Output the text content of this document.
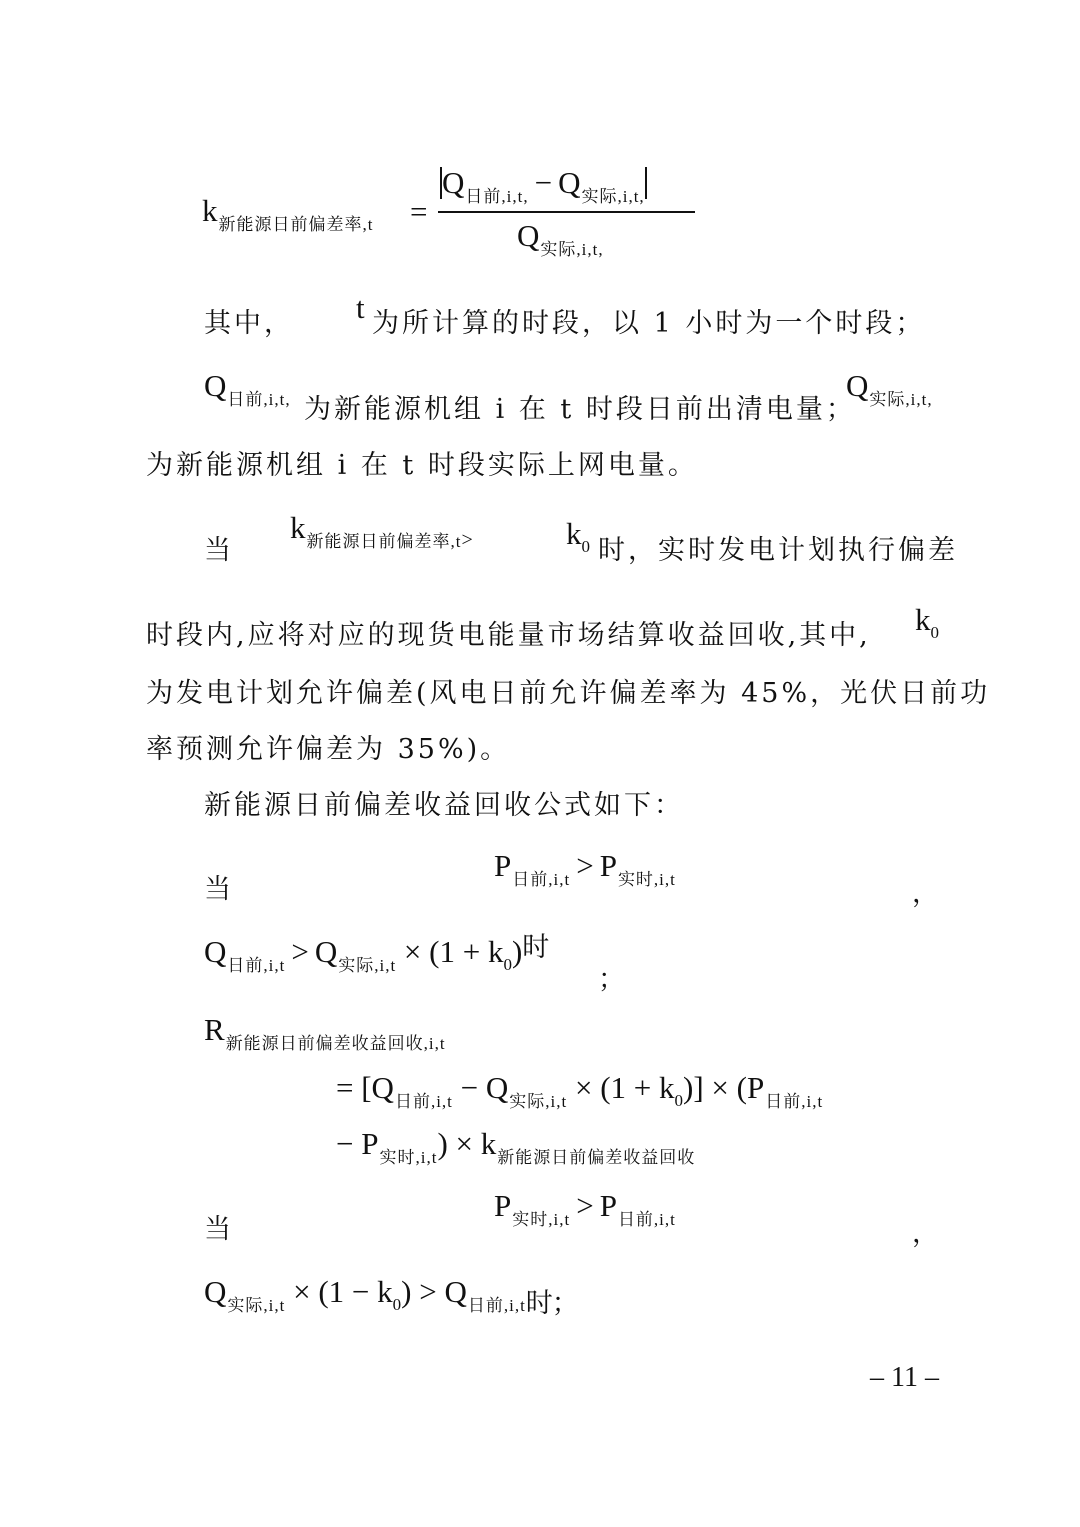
$k_{新能源日前偏差率,t}$ =
$Q_{日前,i,t,} - Q_{实际,i,t,}$
$Q_{实际,i,t,}$
其中， t 为所计算的时段，以 1 小时为一个时段；
$Q_{日前,i,t,}$ 为新能源机组 i 在 t 时段日前出清电量；
$Q_{实际,i,t,}$
为新能源机组 i 在 t 时段实际上网电量。
当
$k_{新能源日前偏差率,t>}$	$k_0$ 时，实时发电计划执行偏差
时段内,应将对应的现货电能量市场结算收益回收,其中, $k_0$
为发电计划允许偏差(风电日前允许偏差率为 45%，光伏日前功
率预测允许偏差为 35%)。
新能源日前偏差收益回收公式如下：
当
$P_{日前,i,t} > P_{实时,i,t}$	，
$Q_{日前,i,t} > Q_{实际,i,t} \times (1 + k_0)$时
；
$R_{新能源日前偏差收益回收,i,t}$
= $[Q_{日前,i,t} - Q_{实际,i,t} \times (1 + k_0)] \times (P_{日前,i,t}$
− $P_{实时,i,t}) \times k_{新能源日前偏差收益回收}$
当
$P_{实时,i,t} > P_{日前,i,t}$	，
$Q_{实际,i,t} \times (1 - k_0) > Q_{日前,i,t}$时；
– 11 –
